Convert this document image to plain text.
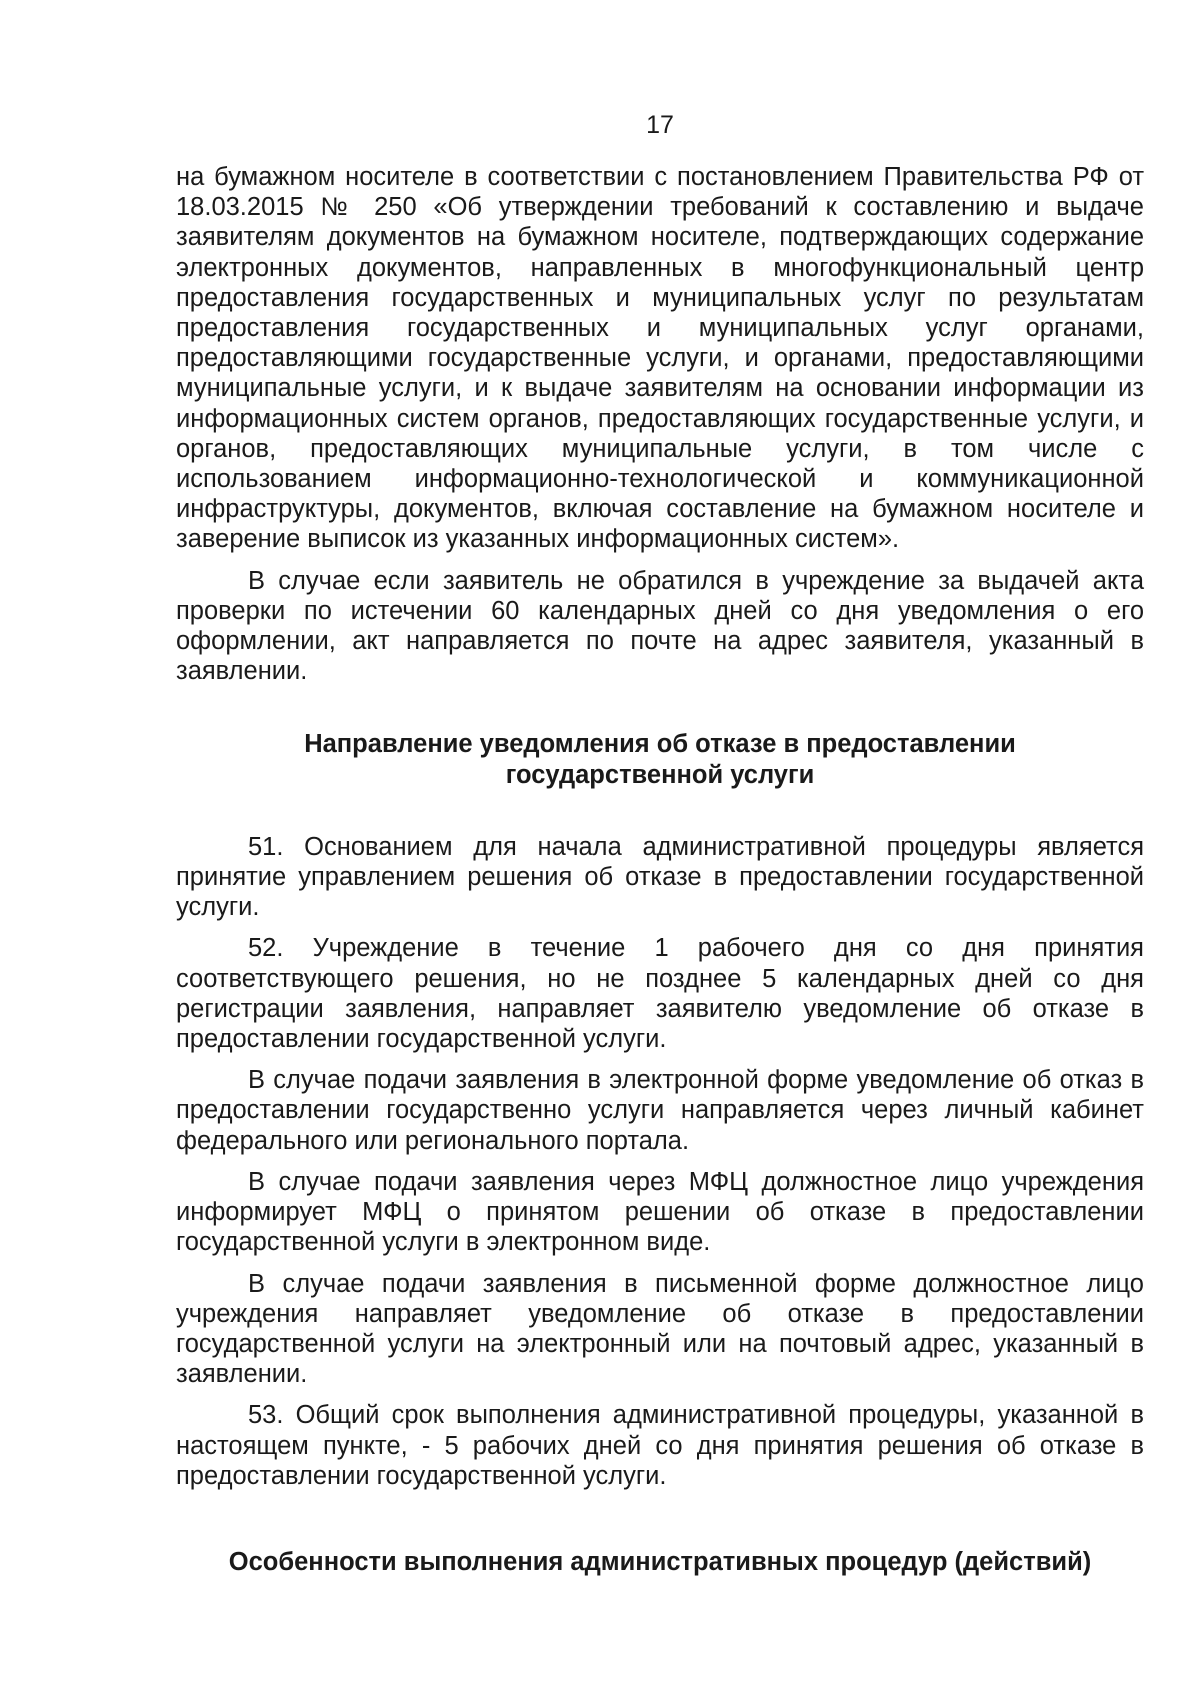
17

на бумажном носителе в соответствии с постановлением Правительства РФ от 18.03.2015 № 250 «Об утверждении требований к составлению и выдаче заявителям документов на бумажном носителе, подтверждающих содержание электронных документов, направленных в многофункциональный центр предоставления государственных и муниципальных услуг по результатам предоставления государственных и муниципальных услуг органами, предоставляющими государственные услуги, и органами, предоставляющими муниципальные услуги, и к выдаче заявителям на основании информации из информационных систем органов, предоставляющих государственные услуги, и органов, предоставляющих муниципальные услуги, в том числе с использованием информационно-технологической и коммуникационной инфраструктуры, документов, включая составление на бумажном носителе и заверение выписок из указанных информационных систем».

В случае если заявитель не обратился в учреждение за выдачей акта проверки по истечении 60 календарных дней со дня уведомления о его оформлении, акт направляется по почте на адрес заявителя, указанный в заявлении.

Направление уведомления об отказе в предоставлении
государственной услуги

51. Основанием для начала административной процедуры является принятие управлением решения об отказе в предоставлении государственной услуги.

52. Учреждение в течение 1 рабочего дня со дня принятия соответствующего решения, но не позднее 5 календарных дней со дня регистрации заявления, направляет заявителю уведомление об отказе в предоставлении государственной услуги.

В случае подачи заявления в электронной форме уведомление об отказ в предоставлении государственно услуги направляется через личный кабинет федерального или регионального портала.

В случае подачи заявления через МФЦ должностное лицо учреждения информирует МФЦ о принятом решении об отказе в предоставлении государственной услуги в электронном виде.

В случае подачи заявления в письменной форме должностное лицо учреждения направляет уведомление об отказе в предоставлении государственной услуги на электронный или на почтовый адрес, указанный в заявлении.

53. Общий срок выполнения административной процедуры, указанной в настоящем пункте, - 5 рабочих дней со дня принятия решения об отказе в предоставлении государственной услуги.

Особенности выполнения административных процедур (действий)
